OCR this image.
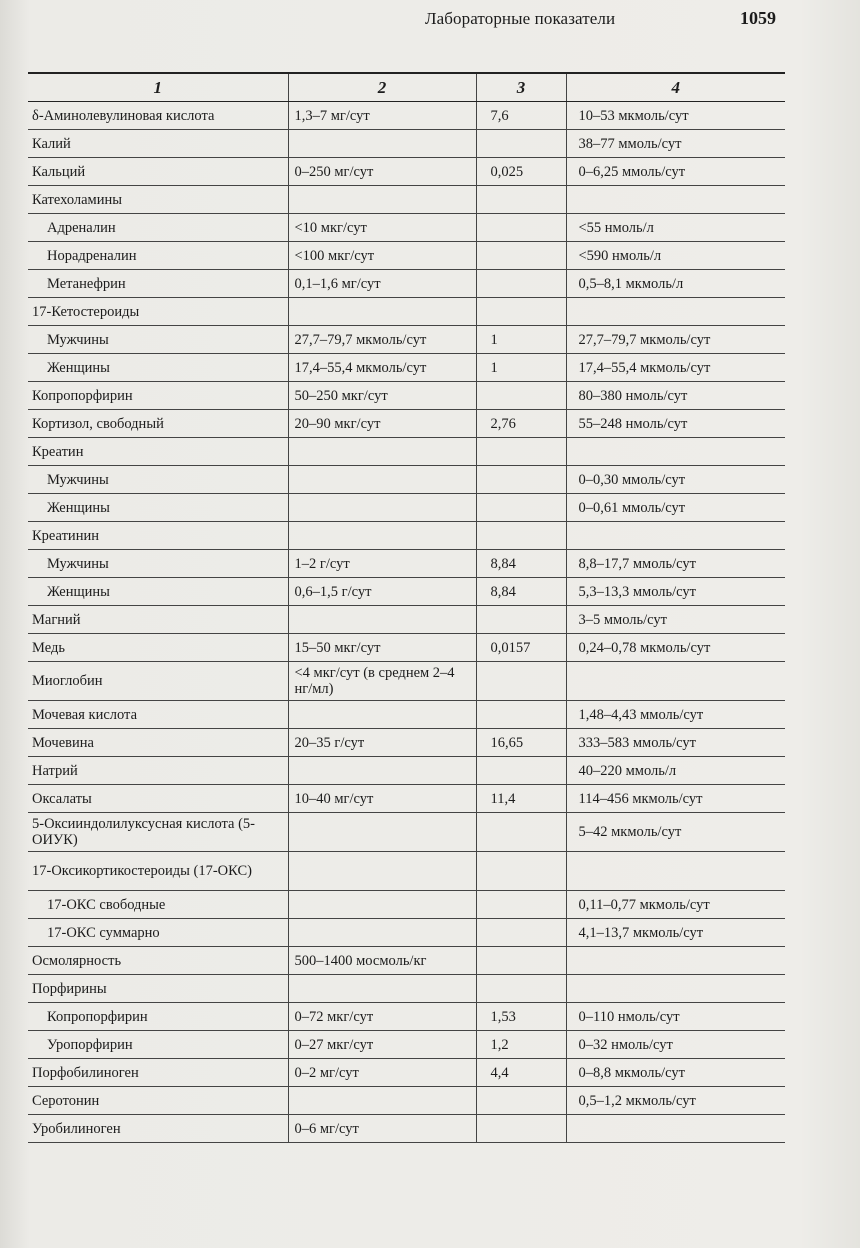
Лабораторные показатели	1059
1	2	3	4
δ-Аминолевулиновая кислота	1,3–7 мг/сут	7,6	10–53 мкмоль/сут
Калий			38–77 ммоль/сут
Кальций	0–250 мг/сут	0,025	0–6,25 ммоль/сут
Катехоламины			
Адреналин	<10 мкг/сут		<55 нмоль/л
Норадреналин	<100 мкг/сут		<590 нмоль/л
Метанефрин	0,1–1,6 мг/сут		0,5–8,1 мкмоль/л
17-Кетостероиды			
Мужчины	27,7–79,7 мкмоль/сут	1	27,7–79,7 мкмоль/сут
Женщины	17,4–55,4 мкмоль/сут	1	17,4–55,4 мкмоль/сут
Копропорфирин	50–250 мкг/сут		80–380 нмоль/сут
Кортизол, свободный	20–90 мкг/сут	2,76	55–248 нмоль/сут
Креатин			
Мужчины			0–0,30 ммоль/сут
Женщины			0–0,61 ммоль/сут
Креатинин			
Мужчины	1–2 г/сут	8,84	8,8–17,7 ммоль/сут
Женщины	0,6–1,5 г/сут	8,84	5,3–13,3 ммоль/сут
Магний			3–5 ммоль/сут
Медь	15–50 мкг/сут	0,0157	0,24–0,78 мкмоль/сут
Миоглобин	<4 мкг/сут (в среднем 2–4 нг/мл)		
Мочевая кислота			1,48–4,43 ммоль/сут
Мочевина	20–35 г/сут	16,65	333–583 ммоль/сут
Натрий			40–220 ммоль/л
Оксалаты	10–40 мг/сут	11,4	114–456 мкмоль/сут
5-Оксииндолилуксусная кислота (5-ОИУК)			5–42 мкмоль/сут
17-Оксикортикостероиды (17-ОКС)			
17-ОКС свободные			0,11–0,77 мкмоль/сут
17-ОКС суммарно			4,1–13,7 мкмоль/сут
Осмолярность	500–1400 мосмоль/кг		
Порфирины			
Копропорфирин	0–72 мкг/сут	1,53	0–110 нмоль/сут
Уропорфирин	0–27 мкг/сут	1,2	0–32 нмоль/сут
Порфобилиноген	0–2 мг/сут	4,4	0–8,8 мкмоль/сут
Серотонин			0,5–1,2 мкмоль/сут
Уробилиноген	0–6 мг/сут		
